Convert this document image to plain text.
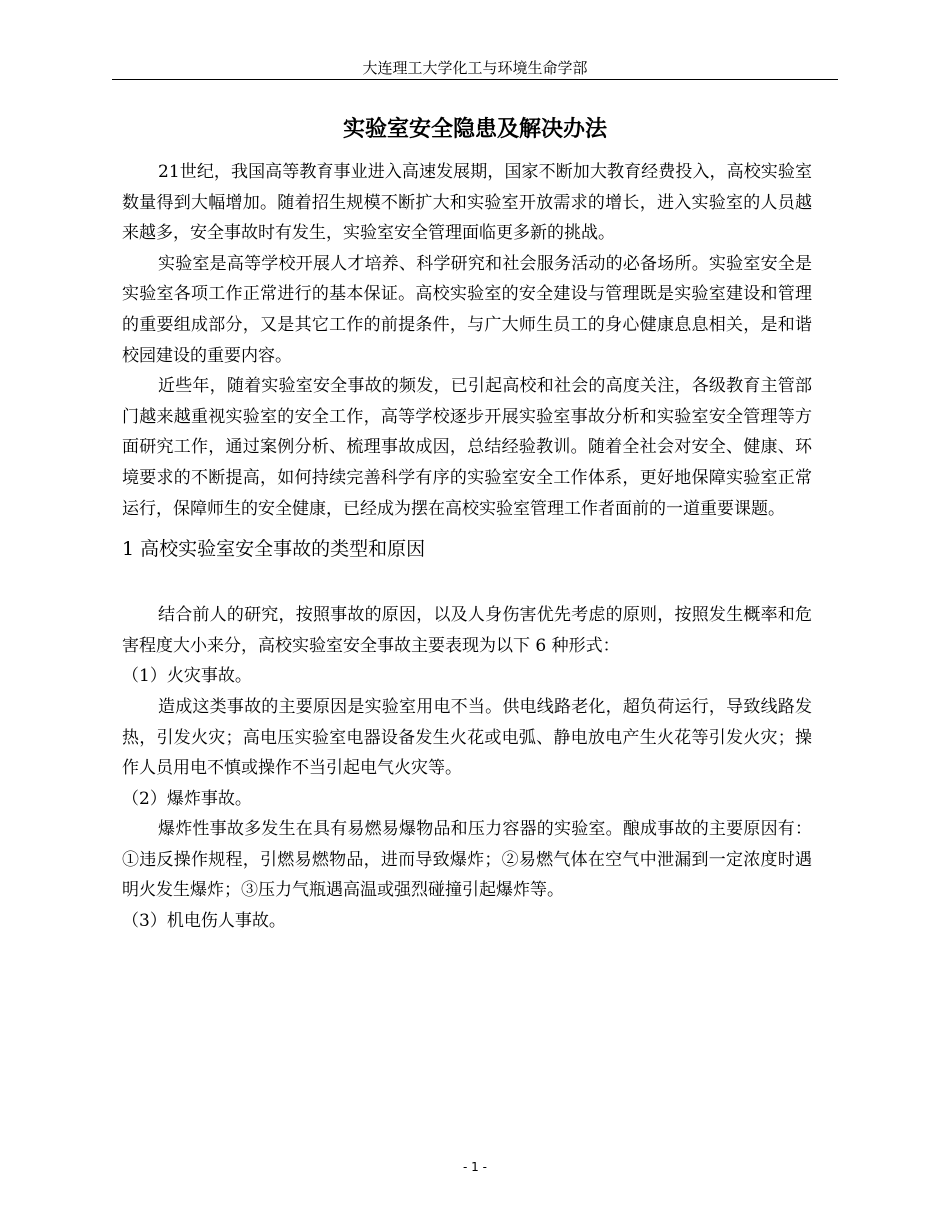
大连理工大学化工与环境生命学部
实验室安全隐患及解决办法

21世纪，我国高等教育事业进入高速发展期，国家不断加大教育经费投入，高校实验室数量得到大幅增加。随着招生规模不断扩大和实验室开放需求的增长，进入实验室的人员越来越多，安全事故时有发生，实验室安全管理面临更多新的挑战。

实验室是高等学校开展人才培养、科学研究和社会服务活动的必备场所。实验室安全是实验室各项工作正常进行的基本保证。高校实验室的安全建设与管理既是实验室建设和管理的重要组成部分，又是其它工作的前提条件，与广大师生员工的身心健康息息相关，是和谐校园建设的重要内容。

近些年，随着实验室安全事故的频发，已引起高校和社会的高度关注，各级教育主管部门越来越重视实验室的安全工作，高等学校逐步开展实验室事故分析和实验室安全管理等方面研究工作，通过案例分析、梳理事故成因，总结经验教训。随着全社会对安全、健康、环境要求的不断提高，如何持续完善科学有序的实验室安全工作体系，更好地保障实验室正常运行，保障师生的安全健康，已经成为摆在高校实验室管理工作者面前的一道重要课题。

1 高校实验室安全事故的类型和原因

结合前人的研究，按照事故的原因，以及人身伤害优先考虑的原则，按照发生概率和危害程度大小来分，高校实验室安全事故主要表现为以下 6 种形式：

（1）火灾事故。

造成这类事故的主要原因是实验室用电不当。供电线路老化，超负荷运行，导致线路发热，引发火灾；高电压实验室电器设备发生火花或电弧、静电放电产生火花等引发火灾；操作人员用电不慎或操作不当引起电气火灾等。

（2）爆炸事故。

爆炸性事故多发生在具有易燃易爆物品和压力容器的实验室。酿成事故的主要原因有：①违反操作规程，引燃易燃物品，进而导致爆炸；②易燃气体在空气中泄漏到一定浓度时遇明火发生爆炸；③压力气瓶遇高温或强烈碰撞引起爆炸等。

（3）机电伤人事故。

- 1 -
